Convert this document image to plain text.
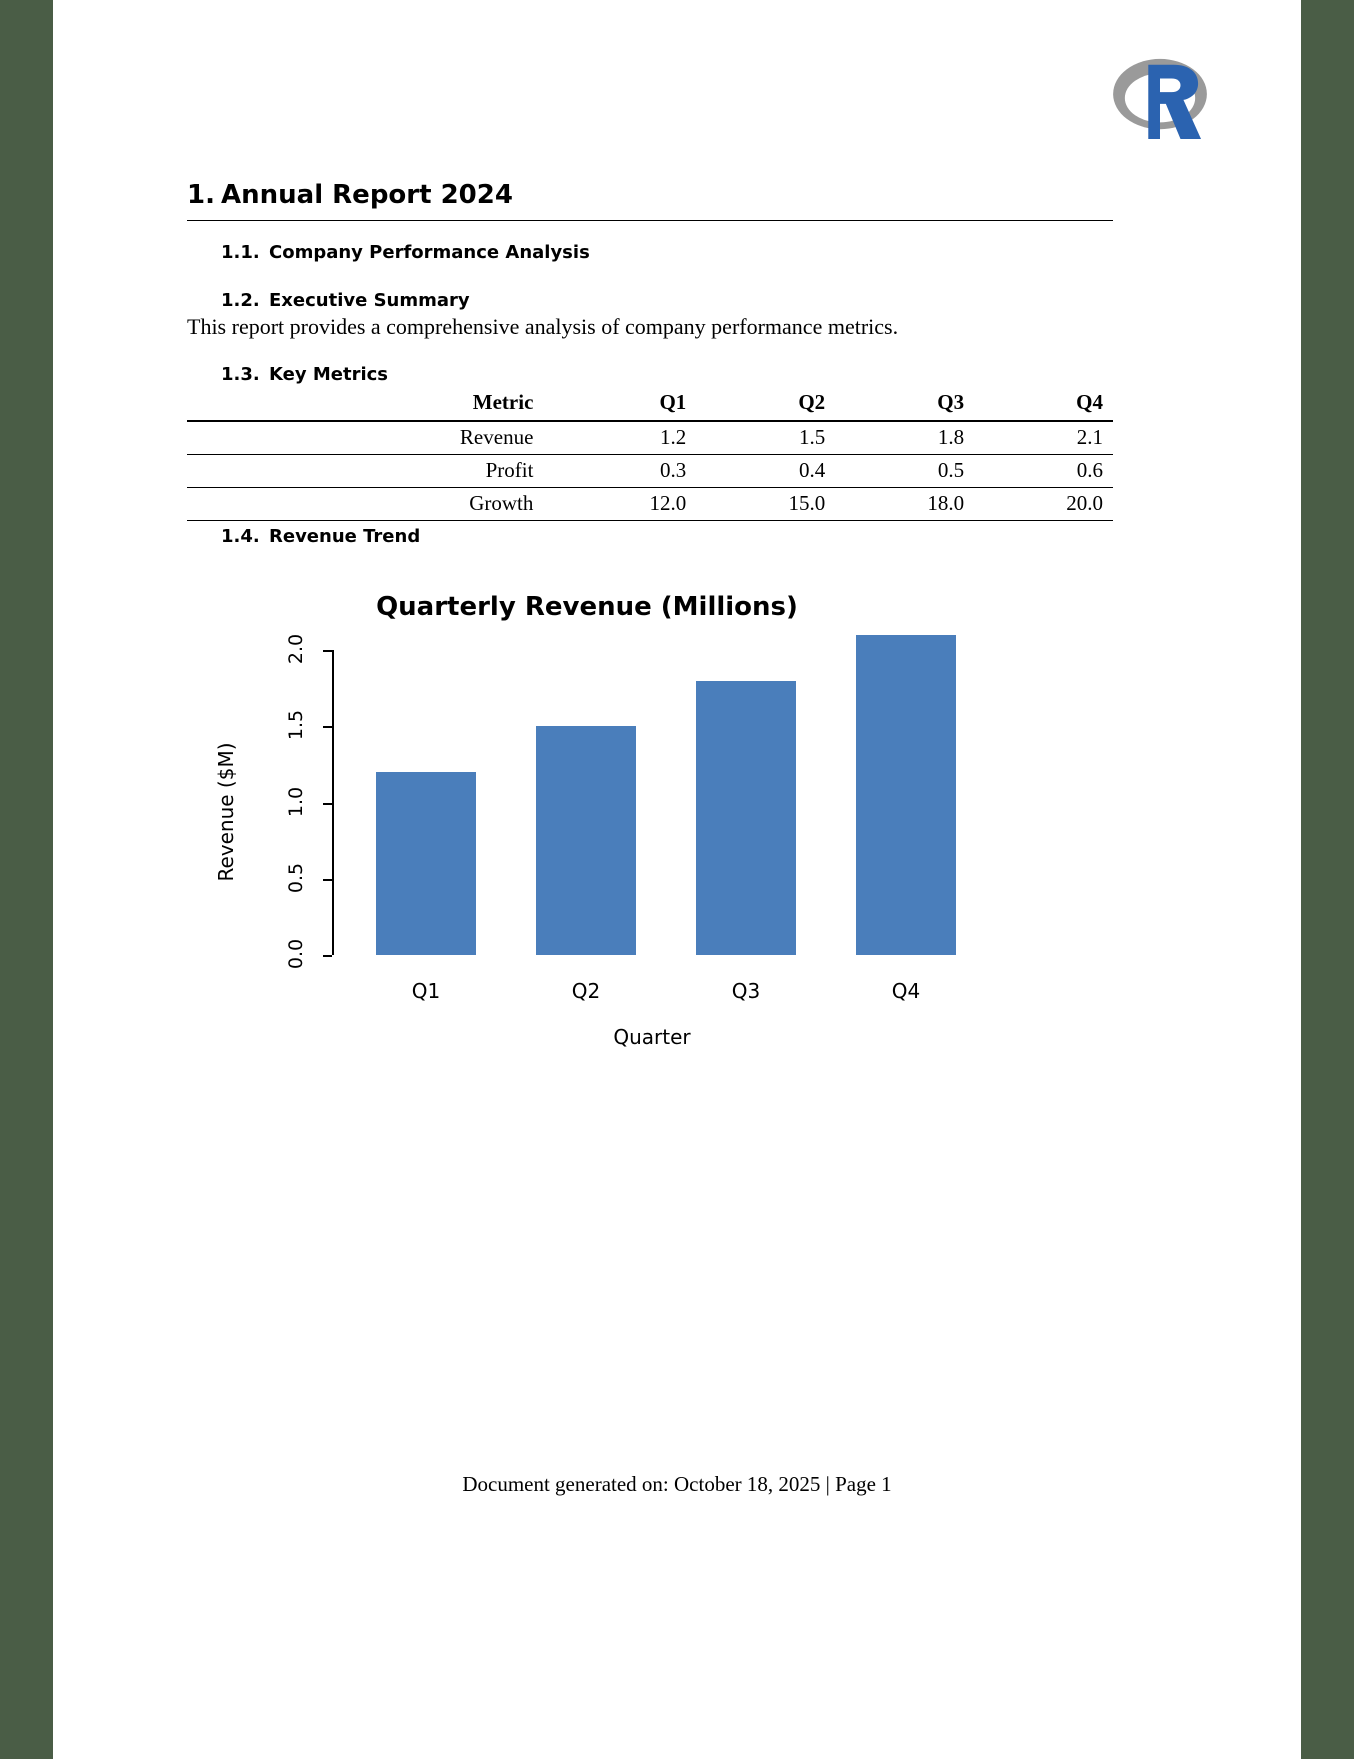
1. Annual Report 2024
1.1. Company Performance Analysis
1.2. Executive Summary
This report provides a comprehensive analysis of company performance metrics.
1.3. Key Metrics
Metric	Q1	Q2	Q3	Q4
Revenue	1.2	1.5	1.8	2.1
Profit	0.3	0.4	0.5	0.6
Growth	12.0	15.0	18.0	20.0
1.4. Revenue Trend
Quarterly Revenue (Millions)
Revenue ($M)
Quarter
0.0
0.5
1.0
1.5
2.0
Q1	Q2	Q3	Q4
Document generated on: October 18, 2025 | Page 1
